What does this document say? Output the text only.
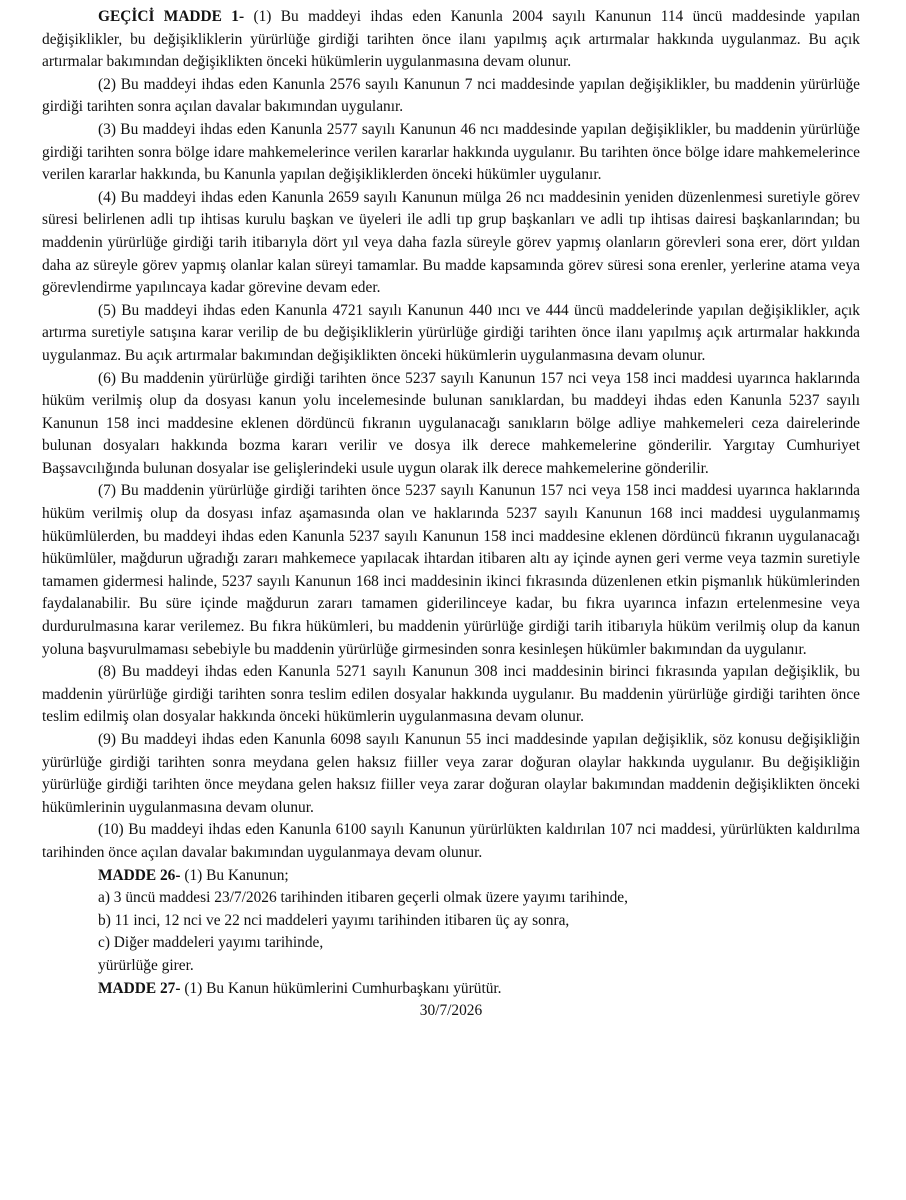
GEÇİCİ MADDE 1- (1) Bu maddeyi ihdas eden Kanunla 2004 sayılı Kanunun 114 üncü maddesinde yapılan değişiklikler, bu değişikliklerin yürürlüğe girdiği tarihten önce ilanı yapılmış açık artırmalar hakkında uygulanmaz. Bu açık artırmalar bakımından değişiklikten önceki hükümlerin uygulanmasına devam olunur.

(2) Bu maddeyi ihdas eden Kanunla 2576 sayılı Kanunun 7 nci maddesinde yapılan değişiklikler, bu maddenin yürürlüğe girdiği tarihten sonra açılan davalar bakımından uygulanır.

(3) Bu maddeyi ihdas eden Kanunla 2577 sayılı Kanunun 46 ncı maddesinde yapılan değişiklikler, bu maddenin yürürlüğe girdiği tarihten sonra bölge idare mahkemelerince verilen kararlar hakkında uygulanır. Bu tarihten önce bölge idare mahkemelerince verilen kararlar hakkında, bu Kanunla yapılan değişikliklerden önceki hükümler uygulanır.

(4) Bu maddeyi ihdas eden Kanunla 2659 sayılı Kanunun mülga 26 ncı maddesinin yeniden düzenlenmesi suretiyle görev süresi belirlenen adli tıp ihtisas kurulu başkan ve üyeleri ile adli tıp grup başkanları ve adli tıp ihtisas dairesi başkanlarından; bu maddenin yürürlüğe girdiği tarih itibarıyla dört yıl veya daha fazla süreyle görev yapmış olanların görevleri sona erer, dört yıldan daha az süreyle görev yapmış olanlar kalan süreyi tamamlar. Bu madde kapsamında görev süresi sona erenler, yerlerine atama veya görevlendirme yapılıncaya kadar görevine devam eder.

(5) Bu maddeyi ihdas eden Kanunla 4721 sayılı Kanunun 440 ıncı ve 444 üncü maddelerinde yapılan değişiklikler, açık artırma suretiyle satışına karar verilip de bu değişikliklerin yürürlüğe girdiği tarihten önce ilanı yapılmış açık artırmalar hakkında uygulanmaz. Bu açık artırmalar bakımından değişiklikten önceki hükümlerin uygulanmasına devam olunur.

(6) Bu maddenin yürürlüğe girdiği tarihten önce 5237 sayılı Kanunun 157 nci veya 158 inci maddesi uyarınca haklarında hüküm verilmiş olup da dosyası kanun yolu incelemesinde bulunan sanıklardan, bu maddeyi ihdas eden Kanunla 5237 sayılı Kanunun 158 inci maddesine eklenen dördüncü fıkranın uygulanacağı sanıkların bölge adliye mahkemeleri ceza dairelerinde bulunan dosyaları hakkında bozma kararı verilir ve dosya ilk derece mahkemelerine gönderilir. Yargıtay Cumhuriyet Başsavcılığında bulunan dosyalar ise gelişlerindeki usule uygun olarak ilk derece mahkemelerine gönderilir.

(7) Bu maddenin yürürlüğe girdiği tarihten önce 5237 sayılı Kanunun 157 nci veya 158 inci maddesi uyarınca haklarında hüküm verilmiş olup da dosyası infaz aşamasında olan ve haklarında 5237 sayılı Kanunun 168 inci maddesi uygulanmamış hükümlülerden, bu maddeyi ihdas eden Kanunla 5237 sayılı Kanunun 158 inci maddesine eklenen dördüncü fıkranın uygulanacağı hükümlüler, mağdurun uğradığı zararı mahkemece yapılacak ihtardan itibaren altı ay içinde aynen geri verme veya tazmin suretiyle tamamen gidermesi halinde, 5237 sayılı Kanunun 168 inci maddesinin ikinci fıkrasında düzenlenen etkin pişmanlık hükümlerinden faydalanabilir. Bu süre içinde mağdurun zararı tamamen giderilinceye kadar, bu fıkra uyarınca infazın ertelenmesine veya durdurulmasına karar verilemez. Bu fıkra hükümleri, bu maddenin yürürlüğe girdiği tarih itibarıyla hüküm verilmiş olup da kanun yoluna başvurulmaması sebebiyle bu maddenin yürürlüğe girmesinden sonra kesinleşen hükümler bakımından da uygulanır.

(8) Bu maddeyi ihdas eden Kanunla 5271 sayılı Kanunun 308 inci maddesinin birinci fıkrasında yapılan değişiklik, bu maddenin yürürlüğe girdiği tarihten sonra teslim edilen dosyalar hakkında uygulanır. Bu maddenin yürürlüğe girdiği tarihten önce teslim edilmiş olan dosyalar hakkında önceki hükümlerin uygulanmasına devam olunur.

(9) Bu maddeyi ihdas eden Kanunla 6098 sayılı Kanunun 55 inci maddesinde yapılan değişiklik, söz konusu değişikliğin yürürlüğe girdiği tarihten sonra meydana gelen haksız fiiller veya zarar doğuran olaylar hakkında uygulanır. Bu değişikliğin yürürlüğe girdiği tarihten önce meydana gelen haksız fiiller veya zarar doğuran olaylar bakımından maddenin değişiklikten önceki hükümlerinin uygulanmasına devam olunur.

(10) Bu maddeyi ihdas eden Kanunla 6100 sayılı Kanunun yürürlükten kaldırılan 107 nci maddesi, yürürlükten kaldırılma tarihinden önce açılan davalar bakımından uygulanmaya devam olunur.

MADDE 26- (1) Bu Kanunun;

a) 3 üncü maddesi 23/7/2026 tarihinden itibaren geçerli olmak üzere yayımı tarihinde,

b) 11 inci, 12 nci ve 22 nci maddeleri yayımı tarihinden itibaren üç ay sonra,

c) Diğer maddeleri yayımı tarihinde,

yürürlüğe girer.

MADDE 27- (1) Bu Kanun hükümlerini Cumhurbaşkanı yürütür.

30/7/2026
